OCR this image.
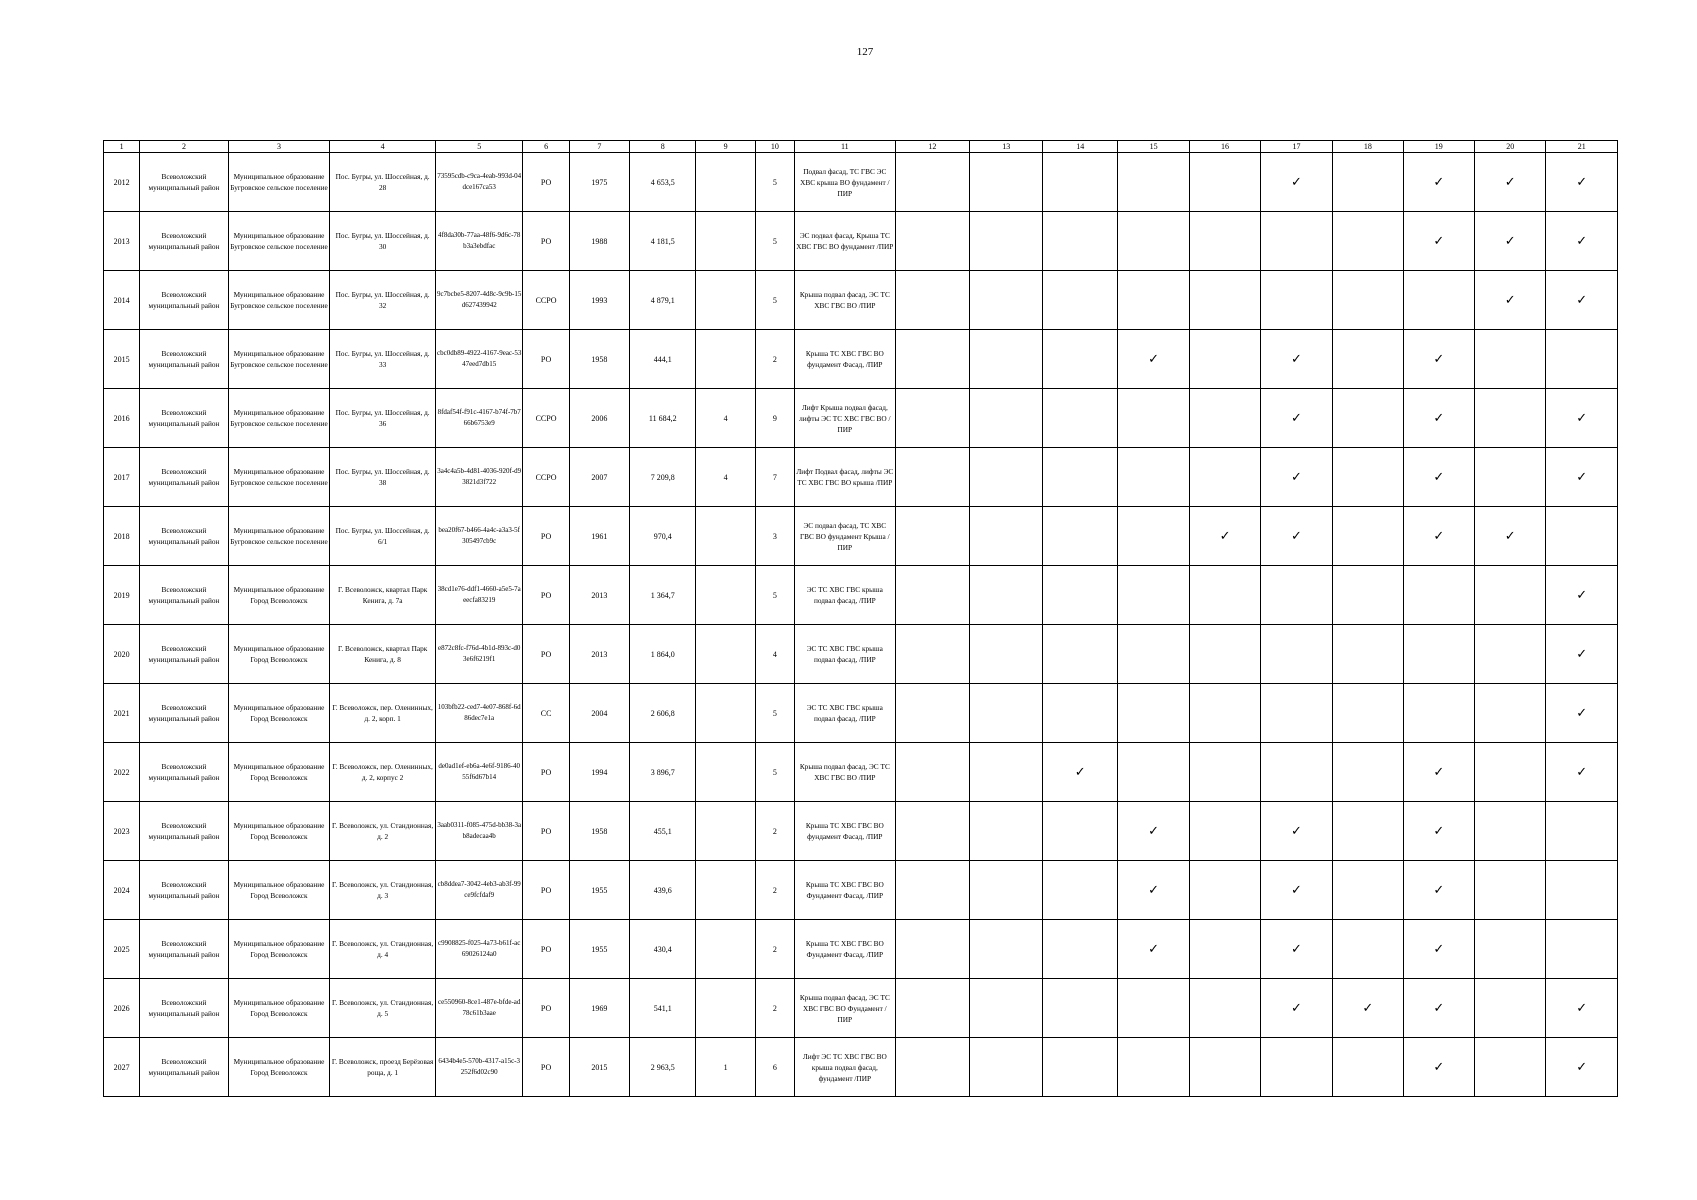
127
1	2	3	4	5	6	7	8	9	10	11	12	13	14	15	16	17	18	19	20	21
2012	Всеволожский муниципальный район	Муниципальное образование Бугровское сельское поселение	Пос. Бугры, ул. Шоссейная, д. 28	73595cdb-c9ca-4eab-993d-04dce167ca53	РО	1975	4 653,5		5	Подвал фасад, ТС ГВС ЭС ХВС крыша ВО фундамент /ПИР						✓		✓	✓	✓
2013	Всеволожский муниципальный район	Муниципальное образование Бугровское сельское поселение	Пос. Бугры, ул. Шоссейная, д. 30	4f8da30b-77aa-48f6-9d6c-78b3a3ebdfac	РО	1988	4 181,5		5	ЭС подвал фасад, Крыша ТС ХВС ГВС ВО фундамент /ПИР								✓	✓	✓
2014	Всеволожский муниципальный район	Муниципальное образование Бугровское сельское поселение	Пос. Бугры, ул. Шоссейная, д. 32	9c7bcbe5-8207-4d8c-9c9b-15d627439942	ССРО	1993	4 879,1		5	Крыша подвал фасад, ЭС ТС ХВС ГВС ВО /ПИР									✓	✓
2015	Всеволожский муниципальный район	Муниципальное образование Бугровское сельское поселение	Пос. Бугры, ул. Шоссейная, д. 33	cbc0db89-4922-4167-9eac-5347eed7db15	РО	1958	444,1		2	Крыша ТС ХВС ГВС ВО фундамент Фасад, /ПИР				✓		✓		✓		
2016	Всеволожский муниципальный район	Муниципальное образование Бугровское сельское поселение	Пос. Бугры, ул. Шоссейная, д. 36	8fdaf54f-f91c-4167-b74f-7b766b6753e9	ССРО	2006	11 684,2	4	9	Лифт Крыша подвал фасад, лифты ЭС ТС ХВС ГВС ВО /ПИР						✓		✓		✓
2017	Всеволожский муниципальный район	Муниципальное образование Бугровское сельское поселение	Пос. Бугры, ул. Шоссейная, д. 38	3a4c4a5b-4d81-4036-920f-d93821d3f722	ССРО	2007	7 209,8	4	7	Лифт Подвал фасад, лифты ЭС ТС ХВС ГВС ВО крыша /ПИР						✓		✓		✓
2018	Всеволожский муниципальный район	Муниципальное образование Бугровское сельское поселение	Пос. Бугры, ул. Шоссейная, д. 6/1	bea20f67-b466-4a4c-a3a3-5f305497cb9c	РО	1961	970,4		3	ЭС подвал фасад, ТС ХВС ГВС ВО фундамент Крыша /ПИР					✓	✓		✓	✓	
2019	Всеволожский муниципальный район	Муниципальное образование Город Всеволожск	Г. Всеволожск, квартал Парк Кенига, д. 7а	38cd1e76-ddf1-4660-a5e5-7aeecfa83219	РО	2013	1 364,7		5	ЭС ТС ХВС ГВС крыша подвал фасад, /ПИР										✓
2020	Всеволожский муниципальный район	Муниципальное образование Город Всеволожск	Г. Всеволожск, квартал Парк Кенига, д. 8	e872c8fc-f76d-4b1d-893c-d03e6f6219f1	РО	2013	1 864,0		4	ЭС ТС ХВС ГВС крыша подвал фасад, /ПИР										✓
2021	Всеволожский муниципальный район	Муниципальное образование Город Всеволожск	Г. Всеволожск, пер. Оленинных, д. 2, корп. 1	103bfb22-ced7-4e07-868f-6d86dec7e1a	СС	2004	2 606,8		5	ЭС ТС ХВС ГВС крыша подвал фасад, /ПИР										✓
2022	Всеволожский муниципальный район	Муниципальное образование Город Всеволожск	Г. Всеволожск, пер. Оленинных, д. 2, корпус 2	de0ad1ef-eb6a-4e6f-9186-4055f6d67b14	РО	1994	3 896,7		5	Крыша подвал фасад, ЭС ТС ХВС ГВС ВО /ПИР			✓					✓		✓
2023	Всеволожский муниципальный район	Муниципальное образование Город Всеволожск	Г. Всеволожск, ул. Стандионная, д. 2	3aab0311-f085-475d-bb38-3ab8adecaa4b	РО	1958	455,1		2	Крыша ТС ХВС ГВС ВО фундамент Фасад, /ПИР				✓		✓		✓		
2024	Всеволожский муниципальный район	Муниципальное образование Город Всеволожск	Г. Всеволожск, ул. Стандионная, д. 3	cb8ddea7-3042-4eb3-ab3f-99ce9fcfdaf9	РО	1955	439,6		2	Крыша ТС ХВС ГВС ВО Фундамент Фасад, /ПИР				✓		✓		✓		
2025	Всеволожский муниципальный район	Муниципальное образование Город Всеволожск	Г. Всеволожск, ул. Стандионная, д. 4	c9908825-f025-4a73-b61f-ac69026124a0	РО	1955	430,4		2	Крыша ТС ХВС ГВС ВО Фундамент Фасад, /ПИР				✓		✓		✓		
2026	Всеволожский муниципальный район	Муниципальное образование Город Всеволожск	Г. Всеволожск, ул. Стандионная, д. 5	ce550960-8ce1-487e-bfde-ad78c61b3aae	РО	1969	541,1		2	Крыша подвал фасад, ЭС ТС ХВС ГВС ВО Фундамент /ПИР						✓	✓	✓		✓
2027	Всеволожский муниципальный район	Муниципальное образование Город Всеволожск	Г. Всеволожск, проезд Берёзовая роща, д. 1	6434b4e5-570b-4317-a15c-3252f6d02c90	РО	2015	2 963,5	1	6	Лифт ЭС ТС ХВС ГВС ВО крыша подвал фасад, фундамент /ПИР								✓		✓
